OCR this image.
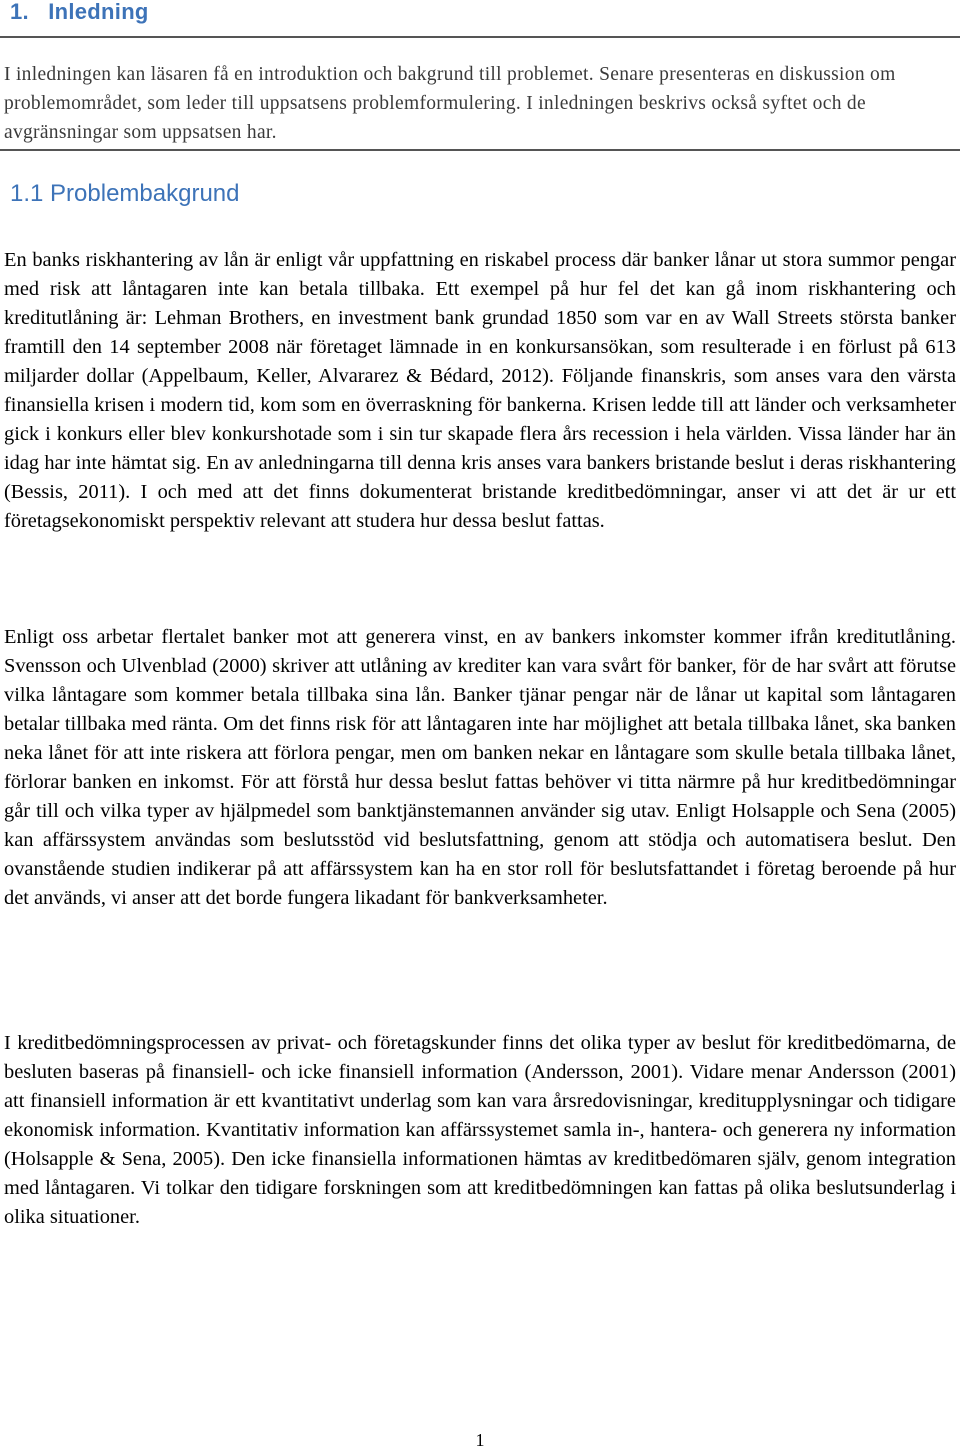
1. Inledning

I inledningen kan läsaren få en introduktion och bakgrund till problemet. Senare presenteras en diskussion om problemområdet, som leder till uppsatsens problemformulering. I inledningen beskrivs också syftet och de avgränsningar som uppsatsen har.

1.1 Problembakgrund

En banks riskhantering av lån är enligt vår uppfattning en riskabel process där banker lånar ut stora summor pengar med risk att låntagaren inte kan betala tillbaka. Ett exempel på hur fel det kan gå inom riskhantering och kreditutlåning är: Lehman Brothers, en investment bank grundad 1850 som var en av Wall Streets största banker framtill den 14 september 2008 när företaget lämnade in en konkursansökan, som resulterade i en förlust på 613 miljarder dollar (Appelbaum, Keller, Alvararez & Bédard, 2012). Följande finanskris, som anses vara den värsta finansiella krisen i modern tid, kom som en överraskning för bankerna. Krisen ledde till att länder och verksamheter gick i konkurs eller blev konkurshotade som i sin tur skapade flera års recession i hela världen. Vissa länder har än idag har inte hämtat sig. En av anledningarna till denna kris anses vara bankers bristande beslut i deras riskhantering (Bessis, 2011). I och med att det finns dokumenterat bristande kreditbedömningar, anser vi att det är ur ett företagsekonomiskt perspektiv relevant att studera hur dessa beslut fattas.

Enligt oss arbetar flertalet banker mot att generera vinst, en av bankers inkomster kommer ifrån kreditutlåning. Svensson och Ulvenblad (2000) skriver att utlåning av krediter kan vara svårt för banker, för de har svårt att förutse vilka låntagare som kommer betala tillbaka sina lån. Banker tjänar pengar när de lånar ut kapital som låntagaren betalar tillbaka med ränta. Om det finns risk för att låntagaren inte har möjlighet att betala tillbaka lånet, ska banken neka lånet för att inte riskera att förlora pengar, men om banken nekar en låntagare som skulle betala tillbaka lånet, förlorar banken en inkomst. För att förstå hur dessa beslut fattas behöver vi titta närmre på hur kreditbedömningar går till och vilka typer av hjälpmedel som banktjänstemannen använder sig utav. Enligt Holsapple och Sena (2005) kan affärssystem användas som beslutsstöd vid beslutsfattning, genom att stödja och automatisera beslut. Den ovanstående studien indikerar på att affärssystem kan ha en stor roll för beslutsfattandet i företag beroende på hur det används, vi anser att det borde fungera likadant för bankverksamheter.

I kreditbedömningsprocessen av privat- och företagskunder finns det olika typer av beslut för kreditbedömarna, de besluten baseras på finansiell- och icke finansiell information (Andersson, 2001). Vidare menar Andersson (2001) att finansiell information är ett kvantitativt underlag som kan vara årsredovisningar, kreditupplysningar och tidigare ekonomisk information. Kvantitativ information kan affärssystemet samla in-, hantera- och generera ny information (Holsapple & Sena, 2005). Den icke finansiella informationen hämtas av kreditbedömaren själv, genom integration med låntagaren. Vi tolkar den tidigare forskningen som att kreditbedömningen kan fattas på olika beslutsunderlag i olika situationer.

1
